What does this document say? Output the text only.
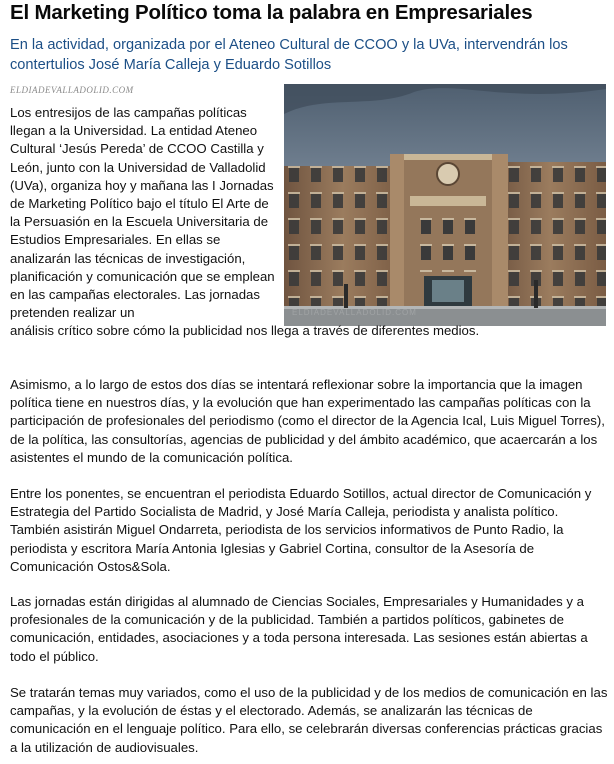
El Marketing Político toma la palabra en Empresariales
En la actividad, organizada por el Ateneo Cultural de CCOO y la UVa, intervendrán los contertulios José María Calleja y Eduardo Sotillos
ELDIADEVALLADOLID.COM
ELDIADEVALLADOLID.COM
Los entresijos de las campañas políticas llegan a la Universidad. La entidad Ateneo Cultural ‘Jesús Pereda’ de CCOO Castilla y León, junto con la Universidad de Valladolid (UVa), organiza hoy y mañana las I Jornadas de Marketing Político bajo el título El Arte de la Persuasión en la Escuela Universitaria de Estudios Empresariales. En ellas se analizarán las técnicas de investigación, planificación y comunicación que se emplean en las campañas electorales. Las jornadas pretenden realizar un
análisis crítico sobre cómo la publicidad nos llega a través de diferentes medios.

Asimismo, a lo largo de estos dos días se intentará reflexionar sobre la importancia que la imagen política tiene en nuestros días, y la evolución que han experimentado las campañas políticas con la participación de profesionales del periodismo (como el director de la Agencia Ical, Luis Miguel Torres), de la política, las consultorías, agencias de publicidad y del ámbito académico, que acaercarán a los asistentes el mundo de la comunicación política.

Entre los ponentes, se encuentran el periodista Eduardo Sotillos, actual director de Comunicación y Estrategia del Partido Socialista de Madrid, y José María Calleja, periodista y analista político. También asistirán Miguel Ondarreta, periodista de los servicios informativos de Punto Radio, la periodista y escritora María Antonia Iglesias y Gabriel Cortina, consultor de la Asesoría de Comunicación Ostos&Sola.

Las jornadas están dirigidas al alumnado de Ciencias Sociales, Empresariales y Humanidades y a profesionales de la comunicación y de la publicidad. También a partidos políticos, gabinetes de comunicación, entidades, asociaciones y a toda persona interesada. Las sesiones están abiertas a todo el público.

Se tratarán temas muy variados, como el uso de la publicidad y de los medios de comunicación en las campañas, y la evolución de éstas y el electorado. Además, se analizarán las técnicas de comunicación en el lenguaje político. Para ello, se celebrarán diversas conferencias prácticas gracias a la utilización de audiovisuales.
